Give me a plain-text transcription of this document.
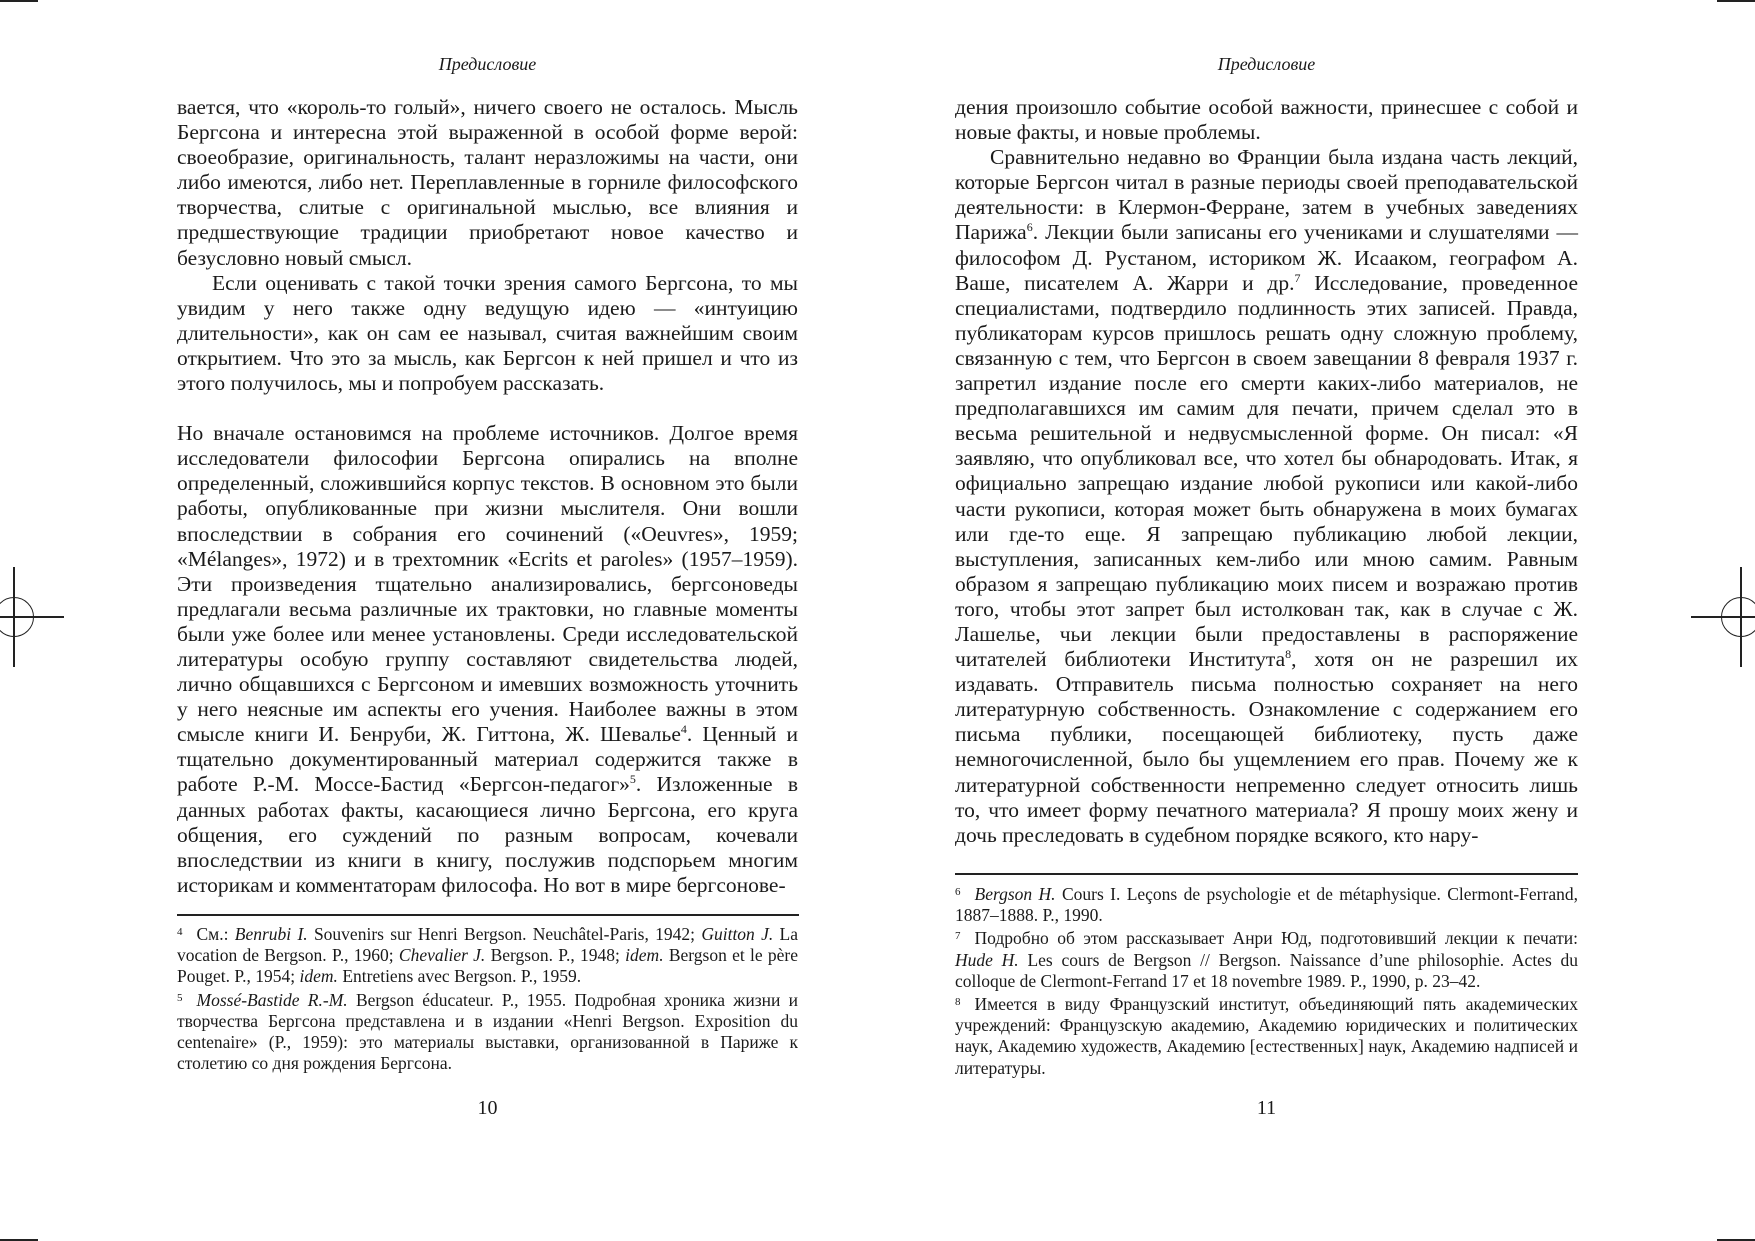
Предисловие

вается, что «король-то голый», ничего своего не осталось. Мысль Бергсона и интересна этой выраженной в особой форме верой: своеобразие, оригинальность, талант неразложимы на части, они либо имеются, либо нет. Переплавленные в горниле философского творчества, слитые с оригинальной мыслью, все влияния и предшествующие традиции приобретают новое качество и безусловно новый смысл.

Если оценивать с такой точки зрения самого Бергсона, то мы увидим у него также одну ведущую идею — «интуицию длительности», как он сам ее называл, считая важнейшим своим открытием. Что это за мысль, как Бергсон к ней пришел и что из этого получилось, мы и попробуем рассказать.

Но вначале остановимся на проблеме источников. Долгое время исследователи философии Бергсона опирались на вполне определенный, сложившийся корпус текстов. В основном это были работы, опубликованные при жизни мыслителя. Они вошли впоследствии в собрания его сочинений («Oeuvres», 1959; «Mélanges», 1972) и в трехтомник «Ecrits et paroles» (1957–1959). Эти произведения тщательно анализировались, бергсоноведы предлагали весьма различные их трактовки, но главные моменты были уже более или менее установлены. Среди исследовательской литературы особую группу составляют свидетельства людей, лично общавшихся с Бергсоном и имевших возможность уточнить у него неясные им аспекты его учения. Наиболее важны в этом смысле книги И. Бенруби, Ж. Гиттона, Ж. Шевалье$^4$. Ценный и тщательно документированный материал содержится также в работе Р.-М. Моссе-Бастид «Бергсон-педагог»$^5$. Изложенные в данных работах факты, касающиеся лично Бергсона, его круга общения, его суждений по разным вопросам, кочевали впоследствии из книги в книгу, послужив подспорьем многим историкам и комментаторам философа. Но вот в мире бергсонове-

$^4$ См.: Benrubi I. Souvenirs sur Henri Bergson. Neuchâtel-Paris, 1942; Guitton J. La vocation de Bergson. P., 1960; Chevalier J. Bergson. P., 1948; idem. Bergson et le père Pouget. P., 1954; idem. Entretiens avec Bergson. P., 1959.

$^5$ Mossé-Bastide R.-M. Bergson éducateur. P., 1955. Подробная хроника жизни и творчества Бергсона представлена и в издании «Henri Bergson. Exposition du centenaire» (P., 1959): это материалы выставки, организованной в Париже к столетию со дня рождения Бергсона.

10
Предисловие

дения произошло событие особой важности, принесшее с собой и новые факты, и новые проблемы.

Сравнительно недавно во Франции была издана часть лекций, которые Бергсон читал в разные периоды своей преподавательской деятельности: в Клермон-Ферране, затем в учебных заведениях Парижа$^6$. Лекции были записаны его учениками и слушателями — философом Д. Рустаном, историком Ж. Исааком, географом А. Ваше, писателем А. Жарри и др.$^7$ Исследование, проведенное специалистами, подтвердило подлинность этих записей. Правда, публикаторам курсов пришлось решать одну сложную проблему, связанную с тем, что Бергсон в своем завещании 8 февраля 1937 г. запретил издание после его смерти каких-либо материалов, не предполагавшихся им самим для печати, причем сделал это в весьма решительной и недвусмысленной форме. Он писал: «Я заявляю, что опубликовал все, что хотел бы обнародовать. Итак, я официально запрещаю издание любой рукописи или какой-либо части рукописи, которая может быть обнаружена в моих бумагах или где-то еще. Я запрещаю публикацию любой лекции, выступления, записанных кем-либо или мною самим. Равным образом я запрещаю публикацию моих писем и возражаю против того, чтобы этот запрет был истолкован так, как в случае с Ж. Лашелье, чьи лекции были предоставлены в распоряжение читателей библиотеки Института$^8$, хотя он не разрешил их издавать. Отправитель письма полностью сохраняет на него литературную собственность. Ознакомление с содержанием его письма публики, посещающей библиотеку, пусть даже немногочисленной, было бы ущемлением его прав. Почему же к литературной собственности непременно следует относить лишь то, что имеет форму печатного материала? Я прошу моих жену и дочь преследовать в судебном порядке всякого, кто нару-

$^6$ Bergson H. Cours I. Leçons de psychologie et de métaphysique. Clermont-Ferrand, 1887–1888. P., 1990.

$^7$ Подробно об этом рассказывает Анри Юд, подготовивший лекции к печати: Hude H. Les cours de Bergson // Bergson. Naissance d’une philosophie. Actes du colloque de Clermont-Ferrand 17 et 18 novembre 1989. P., 1990, p. 23–42.

$^8$ Имеется в виду Французский институт, объединяющий пять академических учреждений: Французскую академию, Академию юридических и политических наук, Академию художеств, Академию [естественных] наук, Академию надписей и литературы.

11
